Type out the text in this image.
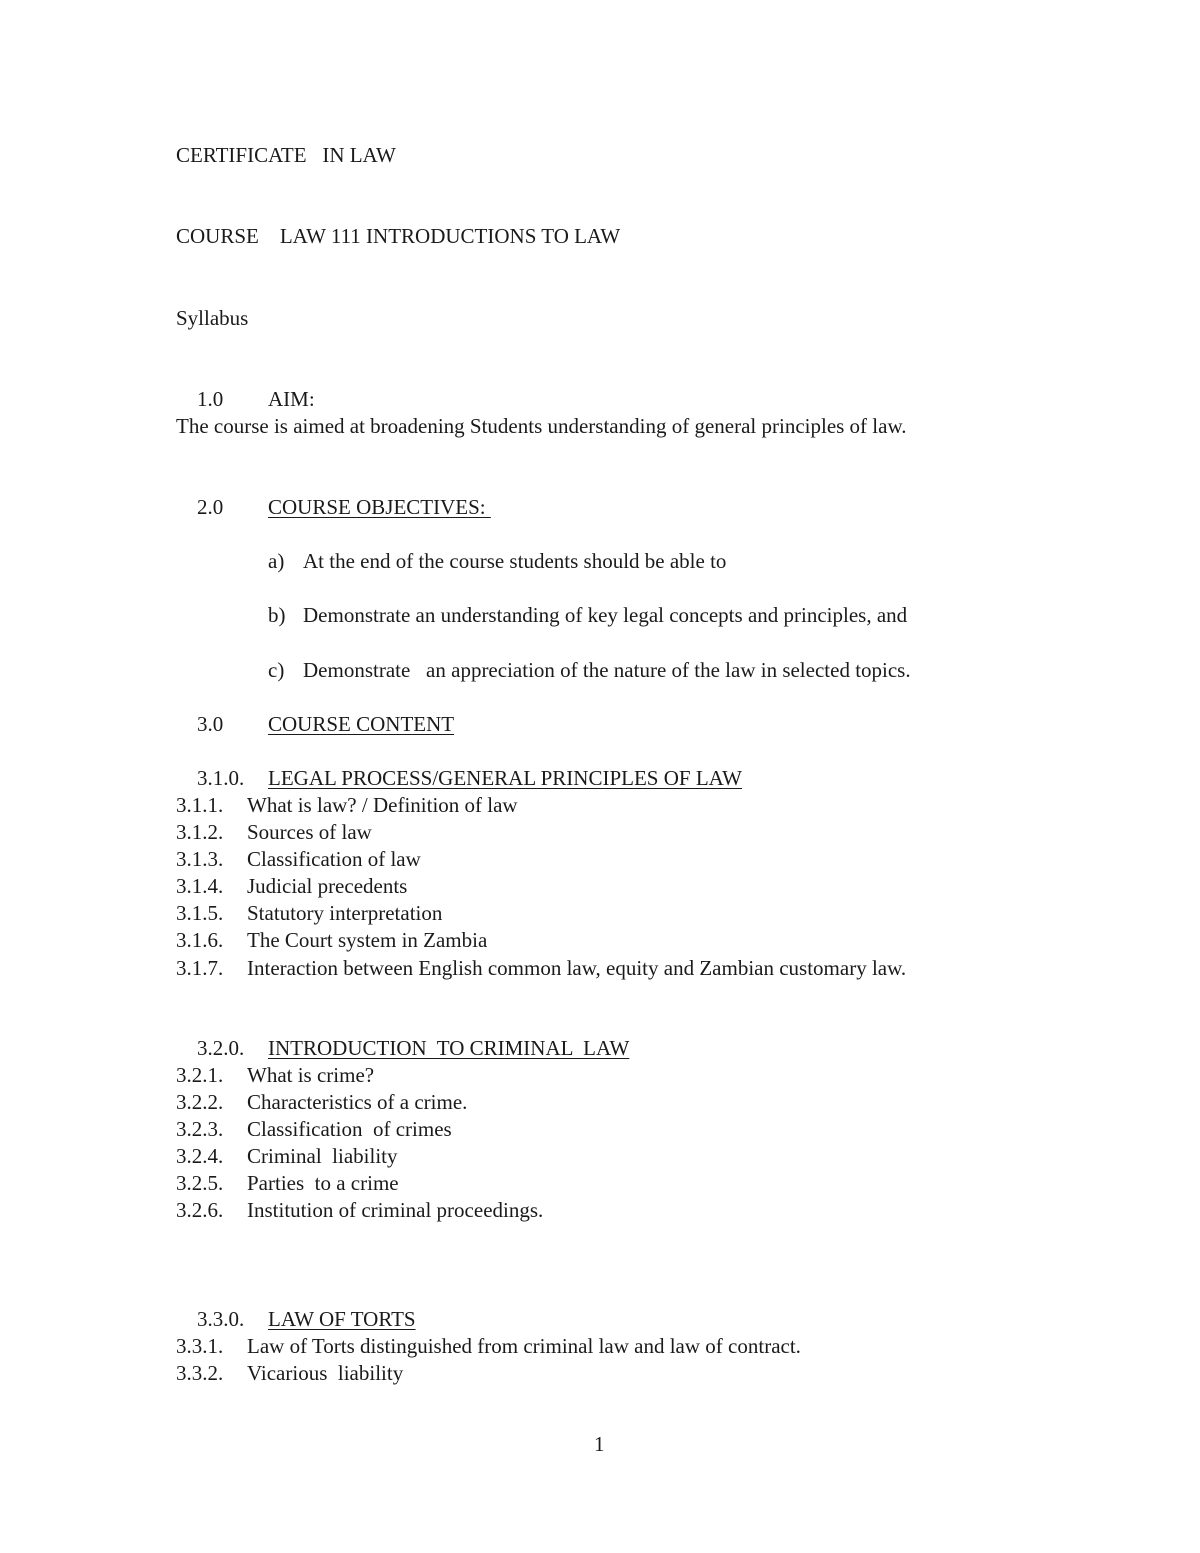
CERTIFICATE   IN LAW
COURSE    LAW 111 INTRODUCTIONS TO LAW
Syllabus

1.0 AIM:

The course is aimed at broadening Students understanding of general principles of law.

2.0 COURSE OBJECTIVES:

a) At the end of the course students should be able to

b) Demonstrate an understanding of key legal concepts and principles, and

c) Demonstrate   an appreciation of the nature of the law in selected topics.

3.0 COURSE CONTENT

3.1.0. LEGAL PROCESS/GENERAL PRINCIPLES OF LAW

3.1.1. What is law? / Definition of law
3.1.2. Sources of law
3.1.3. Classification of law
3.1.4. Judicial precedents
3.1.5. Statutory interpretation
3.1.6. The Court system in Zambia
3.1.7. Interaction between English common law, equity and Zambian customary law.

3.2.0. INTRODUCTION  TO CRIMINAL  LAW

3.2.1. What is crime?
3.2.2. Characteristics of a crime.
3.2.3. Classification  of crimes
3.2.4. Criminal  liability
3.2.5. Parties  to a crime
3.2.6. Institution of criminal proceedings.

3.3.0. LAW OF TORTS

3.3.1. Law of Torts distinguished from criminal law and law of contract.
3.3.2. Vicarious  liability
1
